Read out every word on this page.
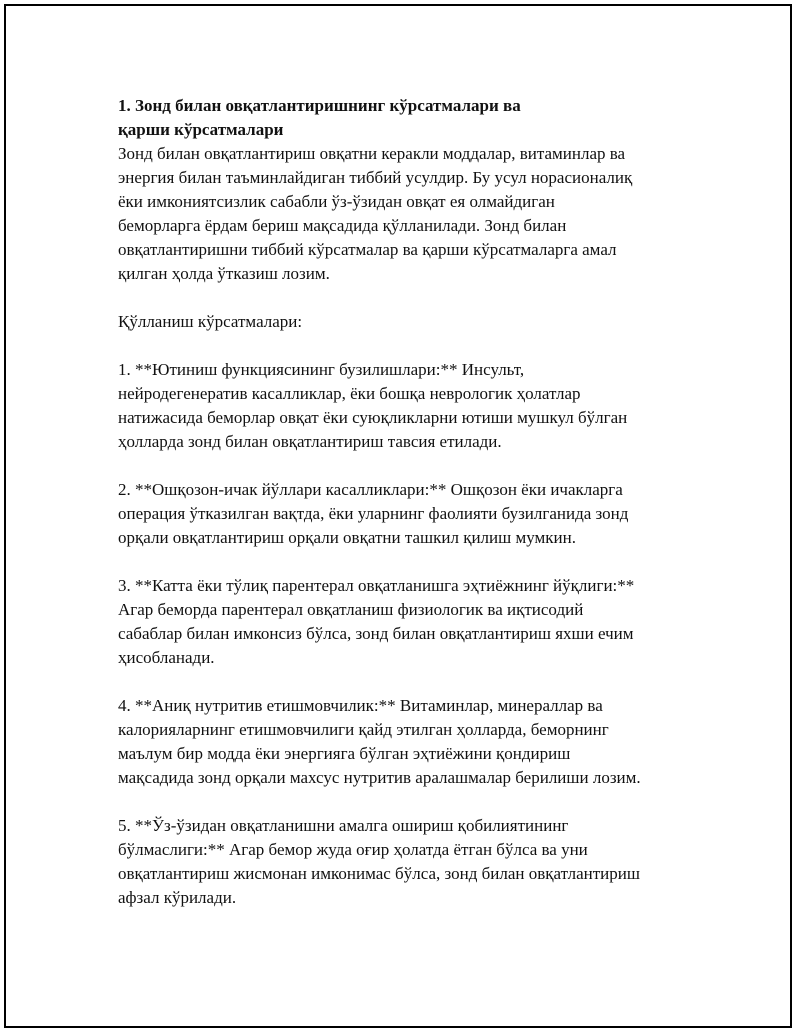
1. Зонд билан овқатлантиришнинг кўрсатмалари ва
қарши кўрсатмалари

Зонд билан овқатлантириш овқатни керакли моддалар, витаминлар ва
энергия билан таъминлайдиган тиббий усулдир. Бу усул норасионалиқ
ёки имкониятсизлик сабабли ўз-ўзидан овқат ея олмайдиган
беморларга ёрдам бериш мақсадида қўлланилади. Зонд билан
овқатлантиришни тиббий кўрсатмалар ва қарши кўрсатмаларга амал
қилган ҳолда ўтказиш лозим.

Қўлланиш кўрсатмалари:

1. **Ютиниш функциясининг бузилишлари:** Инсульт,
нейродегенератив касалликлар, ёки бошқа неврологик ҳолатлар
натижасида беморлар овқат ёки суюқликларни ютиши мушкул бўлган
ҳолларда зонд билан овқатлантириш тавсия етилади.

2. **Ошқозон-ичак йўллари касалликлари:** Ошқозон ёки ичакларга
операция ўтказилган вақтда, ёки уларнинг фаолияти бузилганида зонд
орқали овқатлантириш орқали овқатни ташкил қилиш мумкин.

3. **Катта ёки тўлиқ парентерал овқатланишга эҳтиёжнинг йўқлиги:**
Агар беморда парентерал овқатланиш физиологик ва иқтисодий
сабаблар билан имконсиз бўлса, зонд билан овқатлантириш яхши ечим
ҳисобланади.

4. **Аниқ нутритив етишмовчилик:** Витаминлар, минераллар ва
калорияларнинг етишмовчилиги қайд этилган ҳолларда, беморнинг
маълум бир модда ёки энергияга бўлган эҳтиёжини қондириш
мақсадида зонд орқали махсус нутритив аралашмалар берилиши лозим.

5. **Ўз-ўзидан овқатланишни амалга ошириш қобилиятининг
бўлмаслиги:** Агар бемор жуда оғир ҳолатда ётган бўлса ва уни
овқатлантириш жисмонан имконимас бўлса, зонд билан овқатлантириш
афзал кўрилади.
